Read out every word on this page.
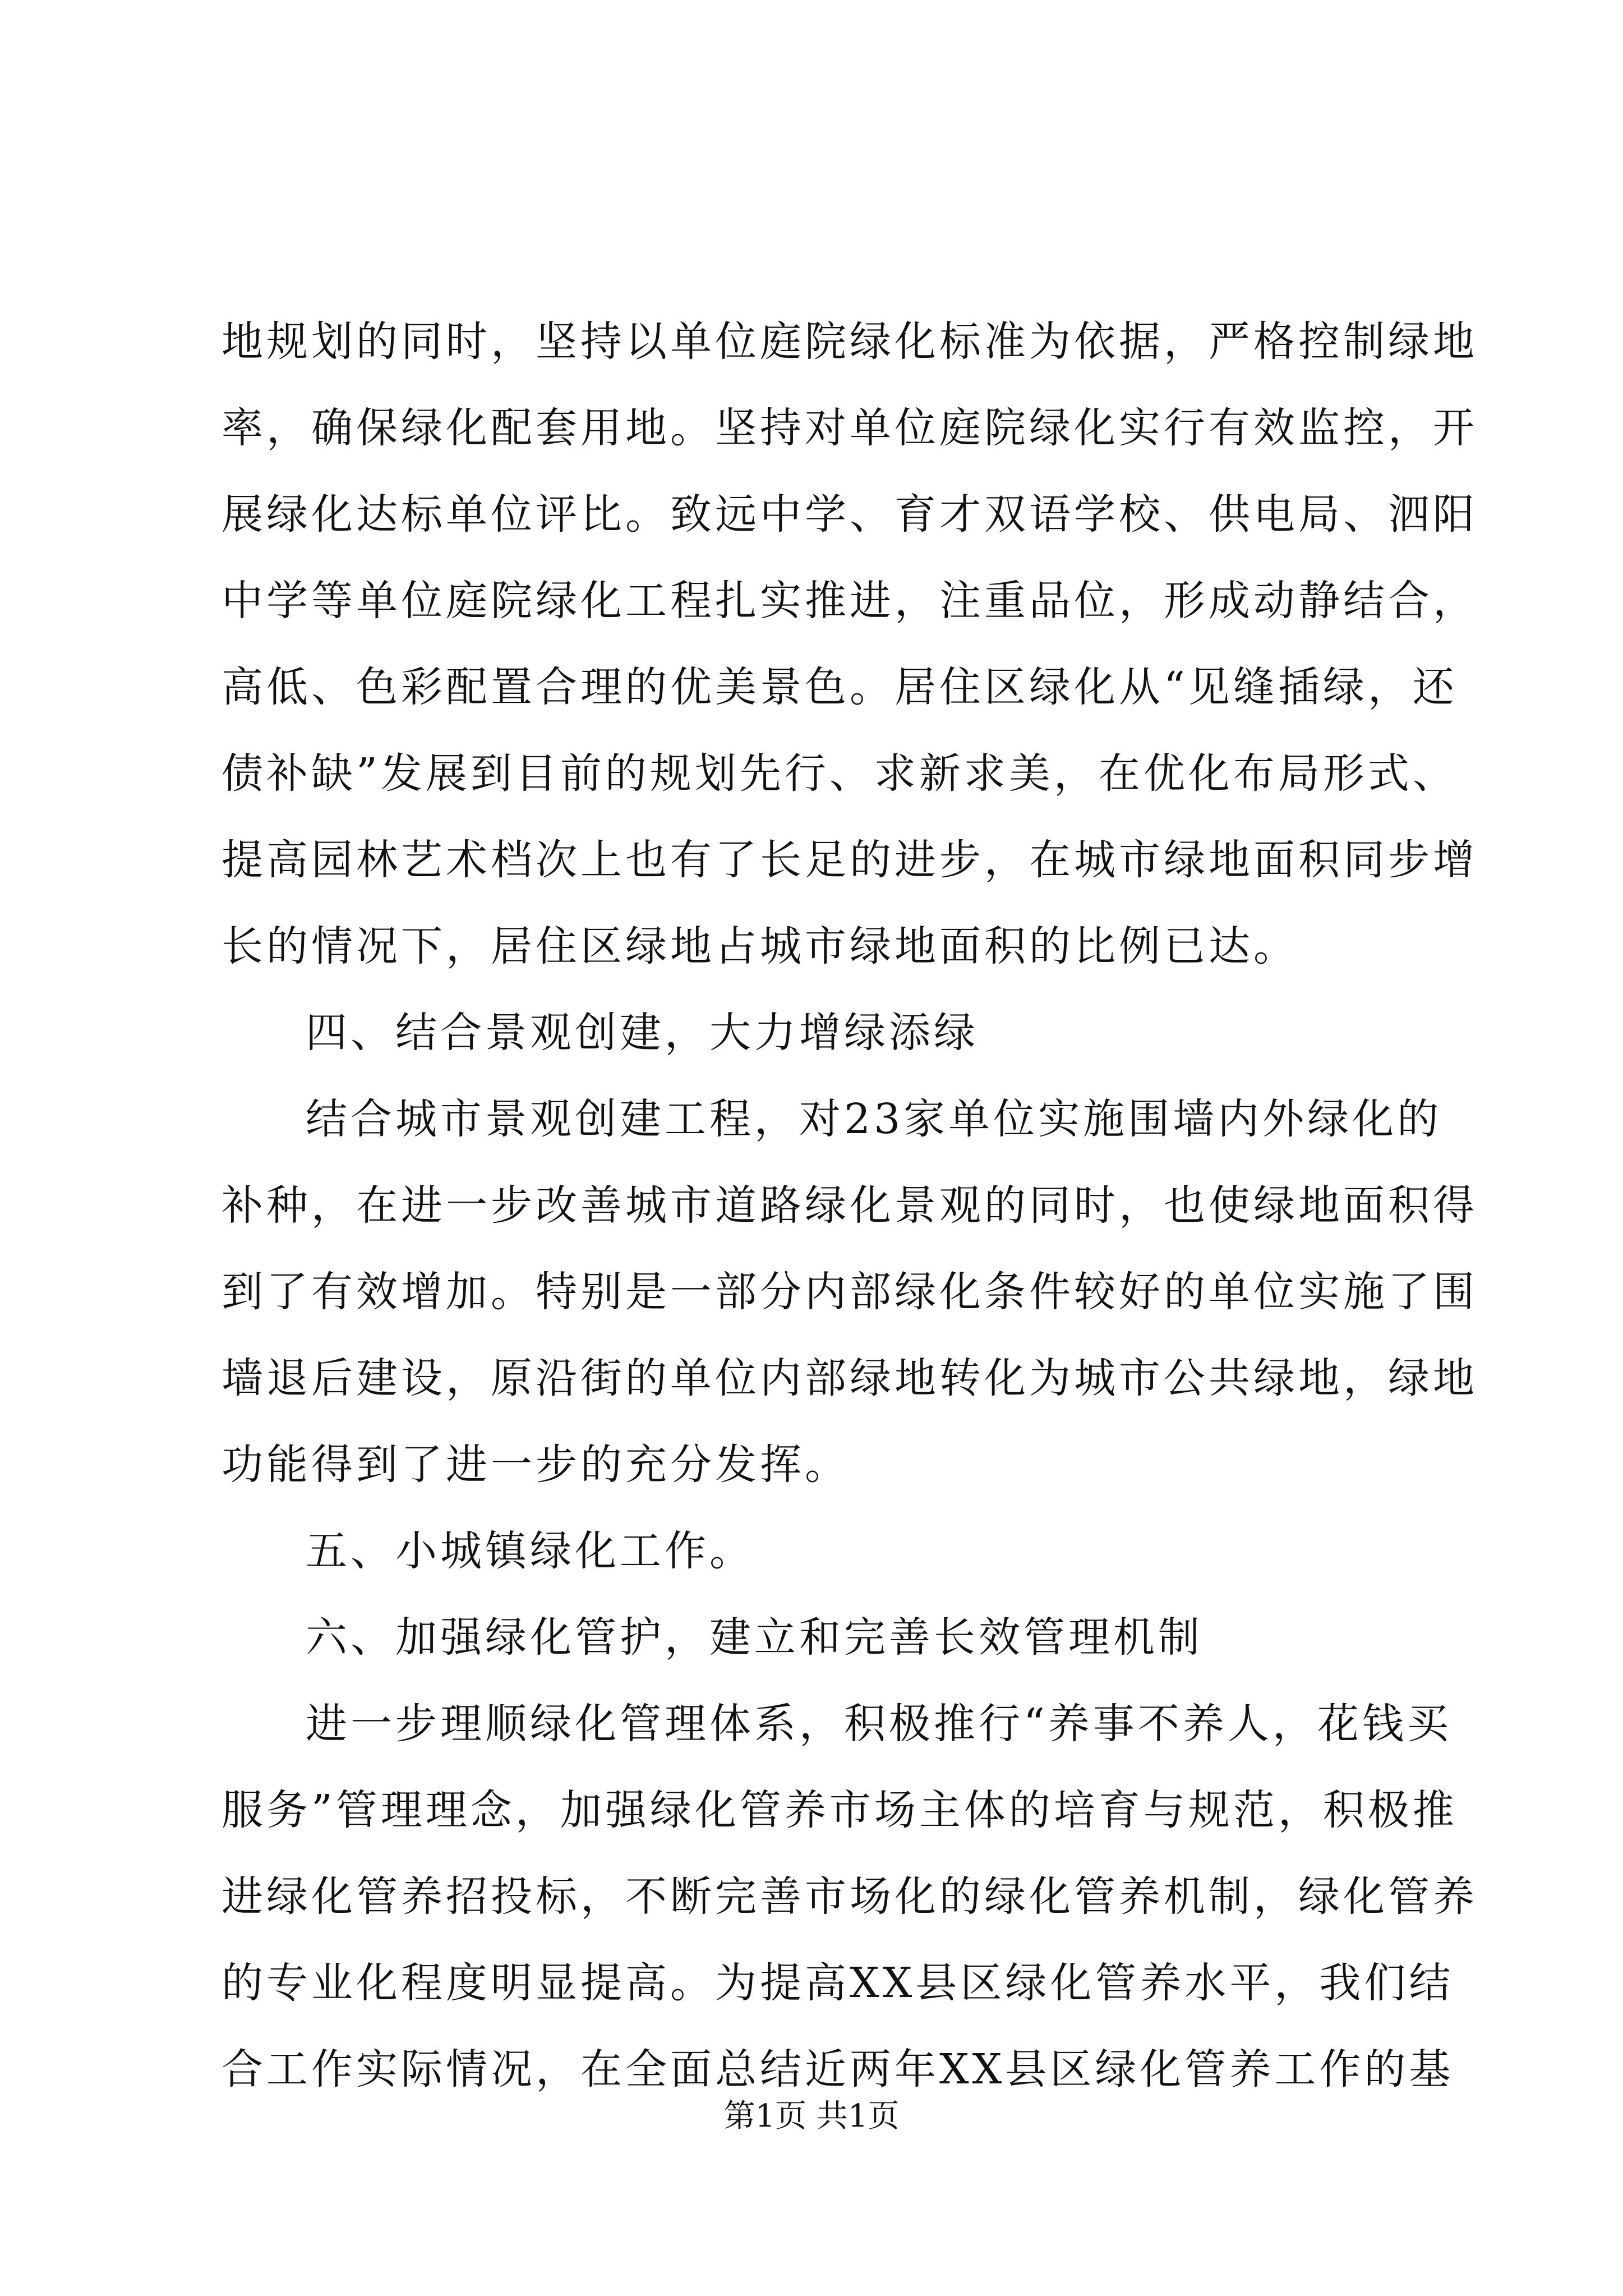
地规划的同时，坚持以单位庭院绿化标准为依据，严格控制绿地
率，确保绿化配套用地。坚持对单位庭院绿化实行有效监控，开
展绿化达标单位评比。致远中学、育才双语学校、供电局、泗阳
中学等单位庭院绿化工程扎实推进，注重品位，形成动静结合，
高低、色彩配置合理的优美景色。居住区绿化从“见缝插绿，还
债补缺”发展到目前的规划先行、求新求美，在优化布局形式、
提高园林艺术档次上也有了长足的进步，在城市绿地面积同步增
长的情况下，居住区绿地占城市绿地面积的比例已达。
四、结合景观创建，大力增绿添绿
结合城市景观创建工程，对23家单位实施围墙内外绿化的
补种，在进一步改善城市道路绿化景观的同时，也使绿地面积得
到了有效增加。特别是一部分内部绿化条件较好的单位实施了围
墙退后建设，原沿街的单位内部绿地转化为城市公共绿地，绿地
功能得到了进一步的充分发挥。
五、小城镇绿化工作。
六、加强绿化管护，建立和完善长效管理机制
进一步理顺绿化管理体系，积极推行“养事不养人，花钱买
服务”管理理念，加强绿化管养市场主体的培育与规范，积极推
进绿化管养招投标，不断完善市场化的绿化管养机制，绿化管养
的专业化程度明显提高。为提高XX县区绿化管养水平，我们结
合工作实际情况，在全面总结近两年XX县区绿化管养工作的基
第1页 共1页
